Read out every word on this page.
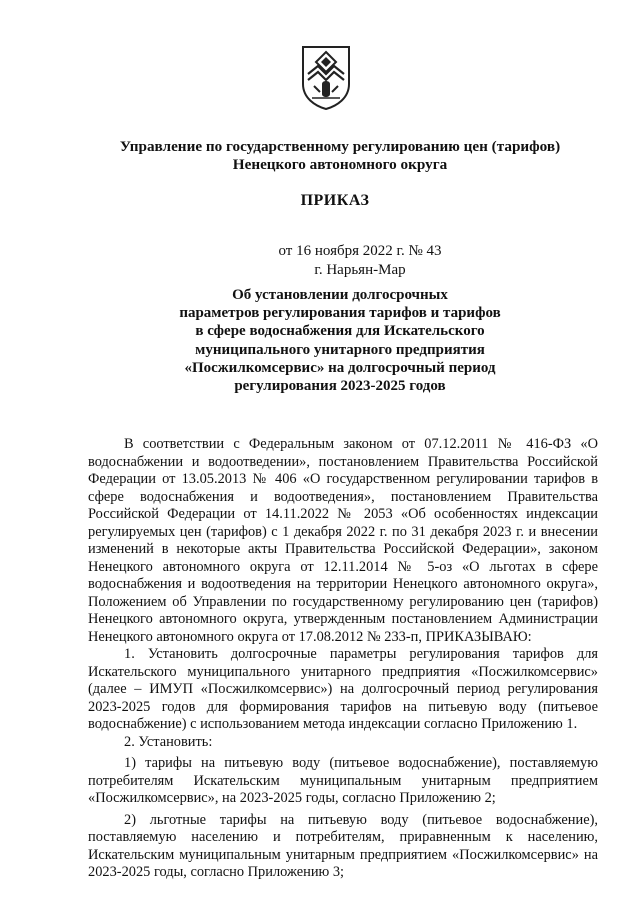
Управление по государственному регулированию цен (тарифов)
Ненецкого автономного округа
ПРИКАЗ
от 16 ноября 2022 г. № 43
г. Нарьян-Мар
Об установлении долгосрочных
параметров регулирования тарифов и тарифов
в сфере водоснабжения для Искательского
муниципального унитарного предприятия
«Посжилкомсервис» на долгосрочный период
регулирования 2023-2025 годов

В соответствии с Федеральным законом от 07.12.2011 № 416-ФЗ «О водоснабжении и водоотведении», постановлением Правительства Российской Федерации от 13.05.2013 № 406 «О государственном регулировании тарифов в сфере водоснабжения и водоотведения», постановлением Правительства Российской Федерации от 14.11.2022 № 2053 «Об особенностях индексации регулируемых цен (тарифов) с 1 декабря 2022 г. по 31 декабря 2023 г. и внесении изменений в некоторые акты Правительства Российской Федерации», законом Ненецкого автономного округа от 12.11.2014 № 5-оз «О льготах в сфере водоснабжения и водоотведения на территории Ненецкого автономного округа», Положением об Управлении по государственному регулированию цен (тарифов) Ненецкого автономного округа, утвержденным постановлением Администрации Ненецкого автономного округа от 17.08.2012 № 233-п, ПРИКАЗЫВАЮ:

1. Установить долгосрочные параметры регулирования тарифов для Искательского муниципального унитарного предприятия «Посжилкомсервис» (далее – ИМУП «Посжилкомсервис») на долгосрочный период регулирования 2023-2025 годов для формирования тарифов на питьевую воду (питьевое водоснабжение) с использованием метода индексации согласно Приложению 1.

2. Установить:

1) тарифы на питьевую воду (питьевое водоснабжение), поставляемую потребителям Искательским муниципальным унитарным предприятием «Посжилкомсервис», на 2023-2025 годы, согласно Приложению 2;

2) льготные тарифы на питьевую воду (питьевое водоснабжение), поставляемую населению и потребителям, приравненным к населению, Искательским муниципальным унитарным предприятием «Посжилкомсервис» на 2023-2025 годы, согласно Приложению 3;
